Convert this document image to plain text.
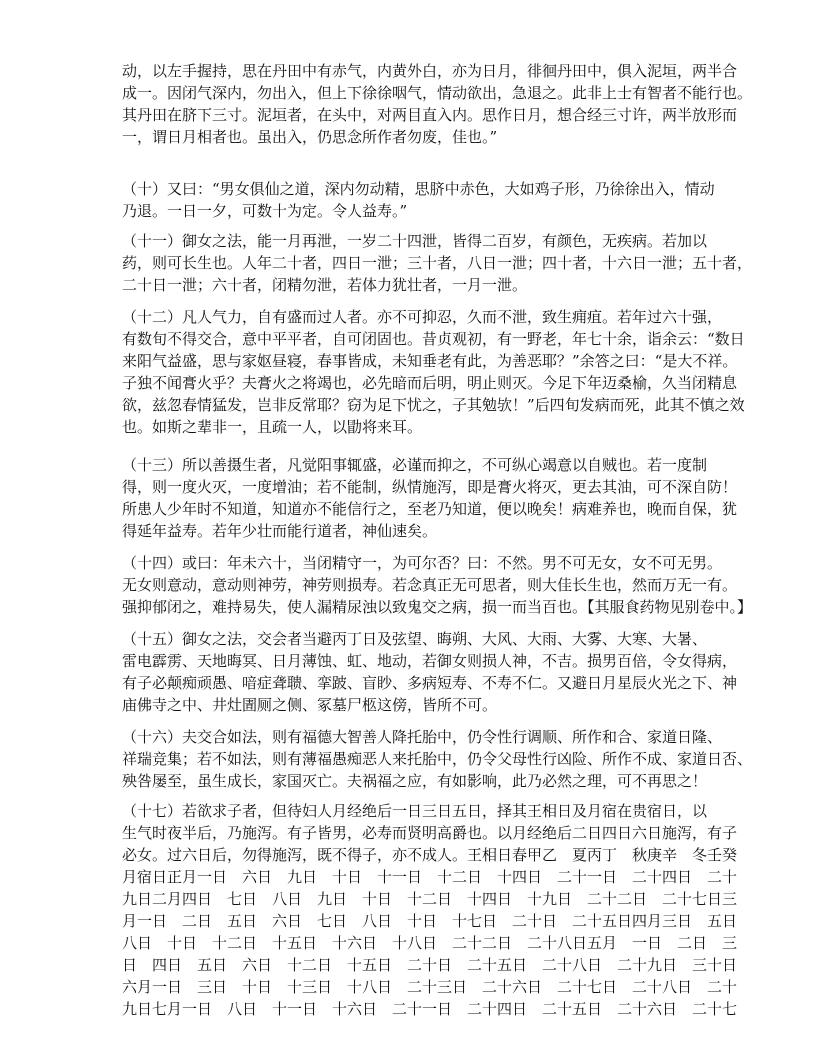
动，以左手握持，思在丹田中有赤气，内黄外白，亦为日月，徘徊丹田中，俱入泥垣，两半合
成一。因闭气深内，勿出入，但上下徐徐咽气，情动欲出，急退之。此非上士有智者不能行也。
其丹田在脐下三寸。泥垣者，在头中，对两目直入内。思作日月，想合经三寸许，两半放形而
一，谓日月相者也。虽出入，仍思念所作者勿废，佳也。”
（十）又曰：“男女俱仙之道，深内勿动精，思脐中赤色，大如鸡子形，乃徐徐出入，情动
乃退。一日一夕，可数十为定。令人益寿。”
（十一）御女之法，能一月再泄，一岁二十四泄，皆得二百岁，有颜色，无疾病。若加以
药，则可长生也。人年二十者，四日一泄；三十者，八日一泄；四十者，十六日一泄；五十者，
二十日一泄；六十者，闭精勿泄，若体力犹壮者，一月一泄。
（十二）凡人气力，自有盛而过人者。亦不可抑忍，久而不泄，致生痈疽。若年过六十强，
有数旬不得交合，意中平平者，自可闭固也。昔贞观初，有一野老，年七十余，诣余云：“数日
来阳气益盛，思与家妪昼寝，春事皆成，未知垂老有此，为善恶耶？”余答之曰：“是大不祥。
子独不闻膏火乎？夫膏火之将竭也，必先暗而后明，明止则灭。今足下年迈桑榆，久当闭精息
欲，兹忽春情猛发，岂非反常耶？窃为足下忧之，子其勉欤！”后四旬发病而死，此其不慎之效
也。如斯之辈非一，且疏一人，以勖将来耳。
（十三）所以善摄生者，凡觉阳事辄盛，必谨而抑之，不可纵心竭意以自贼也。若一度制
得，则一度火灭，一度增油；若不能制，纵情施泻，即是膏火将灭，更去其油，可不深自防！
所患人少年时不知道，知道亦不能信行之，至老乃知道，便以晚矣！病难养也，晚而自保，犹
得延年益寿。若年少壮而能行道者，神仙速矣。
（十四）或曰：年未六十，当闭精守一，为可尔否？曰：不然。男不可无女，女不可无男。
无女则意动，意动则神劳，神劳则损寿。若念真正无可思者，则大佳长生也，然而万无一有。
强抑郁闭之，难持易失，使人漏精尿浊以致鬼交之病，损一而当百也。【其服食药物见别卷中。】
（十五）御女之法，交会者当避丙丁日及弦望、晦朔、大风、大雨、大雾、大寒、大暑、
雷电霹雳、天地晦冥、日月薄蚀、虹、地动，若御女则损人神，不吉。损男百倍，令女得病，
有子必颠痴顽愚、喑症聋聩、挛跛、盲眇、多病短寿、不寿不仁。又避日月星辰火光之下、神
庙佛寺之中、井灶圊厕之侧、冢墓尸柩这傍，皆所不可。
（十六）夫交合如法，则有福德大智善人降托胎中，仍令性行调顺、所作和合、家道日隆、
祥瑞竞集；若不如法，则有薄福愚痴恶人来托胎中，仍令父母性行凶险、所作不成、家道日否、
殃咎屡至，虽生成长，家国灭亡。夫祸福之应，有如影响，此乃必然之理，可不再思之！
（十七）若欲求子者，但待妇人月经绝后一日三日五日，择其王相日及月宿在贵宿日，以
生气时夜半后，乃施泻。有子皆男，必寿而贤明高爵也。以月经绝后二日四日六日施泻，有子
必女。过六日后，勿得施泻，既不得子，亦不成人。王相日春甲乙　夏丙丁　秋庚辛　冬壬癸
月宿日正月一日　六日　九日　十日　十一日　十二日　十四日　二十一日　二十四日　二十
九日二月四日　七日　八日　九日　十日　十二日　十四日　十九日　二十二日　二十七日三
月一日　二日　五日　六日　七日　八日　十日　十七日　二十日　二十五日四月三日　五日
八日　十日　十二日　十五日　十六日　十八日　二十二日　二十八日五月　一日　二日　三
日　四日　五日　六日　十二日　十五日　二十日　二十五日　二十八日　二十九日　三十日
六月一日　三日　十日　十三日　十八日　二十三日　二十六日　二十七日　二十八日　二十
九日七月一日　八日　十一日　十六日　二十一日　二十四日　二十五日　二十六日　二十七
